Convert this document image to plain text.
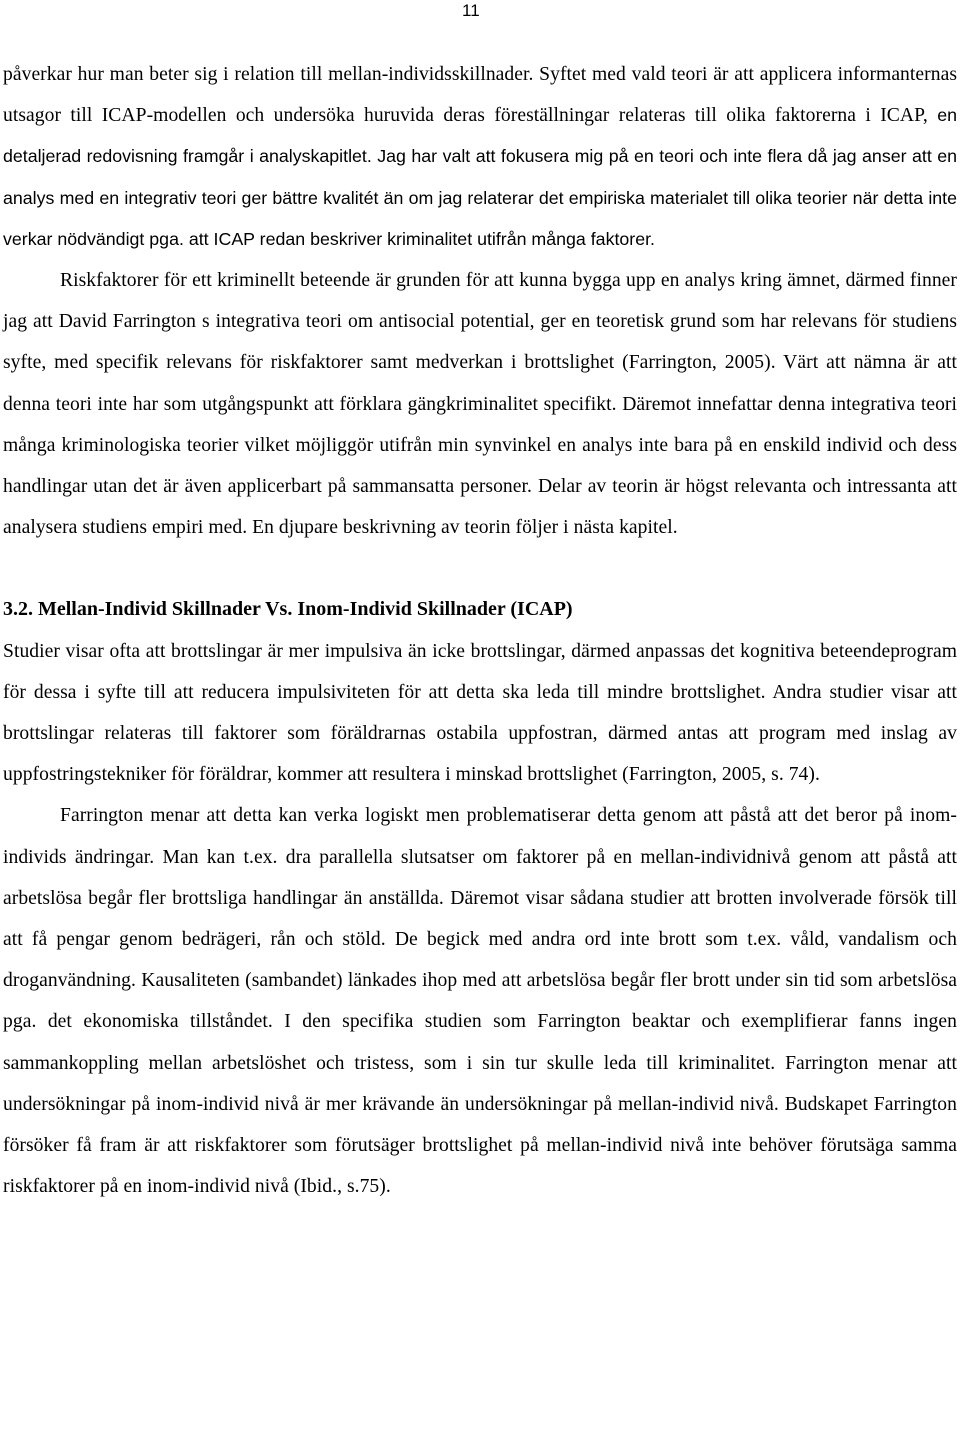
11

påverkar hur man beter sig i relation till mellan-individsskillnader. Syftet med vald teori är att applicera informanternas utsagor till ICAP-modellen och undersöka huruvida deras föreställningar relateras till olika faktorerna i ICAP, en detaljerad redovisning framgår i analyskapitlet. Jag har valt att fokusera mig på en teori och inte flera då jag anser att en analys med en integrativ teori ger bättre kvalitét än om jag relaterar det empiriska materialet till olika teorier när detta inte verkar nödvändigt pga. att ICAP redan beskriver kriminalitet utifrån många faktorer.

Riskfaktorer för ett kriminellt beteende är grunden för att kunna bygga upp en analys kring ämnet, därmed finner jag att David Farrington s integrativa teori om antisocial potential, ger en teoretisk grund som har relevans för studiens syfte, med specifik relevans för riskfaktorer samt medverkan i brottslighet (Farrington, 2005). Värt att nämna är att denna teori inte har som utgångspunkt att förklara gängkriminalitet specifikt. Däremot innefattar denna integrativa teori många kriminologiska teorier vilket möjliggör utifrån min synvinkel en analys inte bara på en enskild individ och dess handlingar utan det är även applicerbart på sammansatta personer. Delar av teorin är högst relevanta och intressanta att analysera studiens empiri med. En djupare beskrivning av teorin följer i nästa kapitel.

3.2. Mellan-Individ Skillnader Vs. Inom-Individ Skillnader (ICAP)

Studier visar ofta att brottslingar är mer impulsiva än icke brottslingar, därmed anpassas det kognitiva beteendeprogram för dessa i syfte till att reducera impulsiviteten för att detta ska leda till mindre brottslighet. Andra studier visar att brottslingar relateras till faktorer som föräldrarnas ostabila uppfostran, därmed antas att program med inslag av uppfostringstekniker för föräldrar, kommer att resultera i minskad brottslighet (Farrington, 2005, s. 74).

Farrington menar att detta kan verka logiskt men problematiserar detta genom att påstå att det beror på inom-individs ändringar. Man kan t.ex. dra parallella slutsatser om faktorer på en mellan-individnivå genom att påstå att arbetslösa begår fler brottsliga handlingar än anställda. Däremot visar sådana studier att brotten involverade försök till att få pengar genom bedrägeri, rån och stöld. De begick med andra ord inte brott som t.ex. våld, vandalism och droganvändning. Kausaliteten (sambandet) länkades ihop med att arbetslösa begår fler brott under sin tid som arbetslösa pga. det ekonomiska tillståndet. I den specifika studien som Farrington beaktar och exemplifierar fanns ingen sammankoppling mellan arbetslöshet och tristess, som i sin tur skulle leda till kriminalitet. Farrington menar att undersökningar på inom-individ nivå är mer krävande än undersökningar på mellan-individ nivå. Budskapet Farrington försöker få fram är att riskfaktorer som förutsäger brottslighet på mellan-individ nivå inte behöver förutsäga samma riskfaktorer på en inom-individ nivå (Ibid., s.75).
